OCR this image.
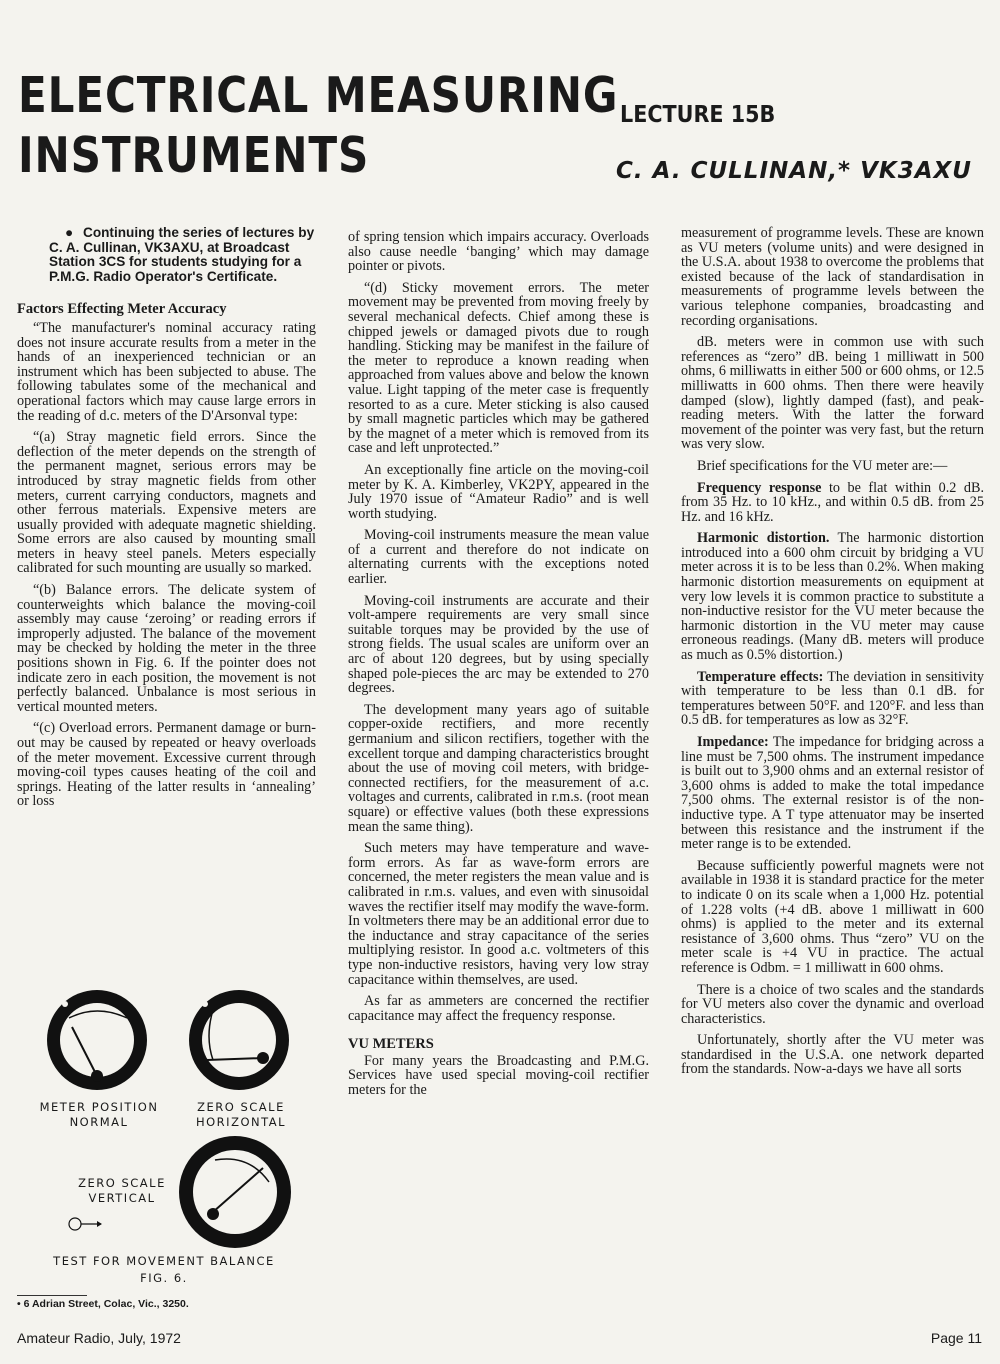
ELECTRICAL MEASURING
INSTRUMENTS
LECTURE 15B
C. A. CULLINAN,* VK3AXU

● Continuing the series of lectures by C. A. Cullinan, VK3AXU, at Broadcast Station 3CS for students studying for a P.M.G. Radio Operator's Certificate.

Factors Effecting Meter Accuracy

“The manufacturer's nominal accuracy rating does not insure accurate results from a meter in the hands of an inexperienced technician or an instrument which has been subjected to abuse. The following tabulates some of the mechanical and operational factors which may cause large errors in the reading of d.c. meters of the D'Arsonval type:

“(a) Stray magnetic field errors. Since the deflection of the meter depends on the strength of the permanent magnet, serious errors may be introduced by stray magnetic fields from other meters, current carrying conductors, magnets and other ferrous materials. Expensive meters are usually provided with adequate magnetic shielding. Some errors are also caused by mounting small meters in heavy steel panels. Meters especially calibrated for such mounting are usually so marked.

“(b) Balance errors. The delicate system of counterweights which balance the moving-coil assembly may cause ‘zeroing’ or reading errors if improperly adjusted. The balance of the movement may be checked by holding the meter in the three positions shown in Fig. 6. If the pointer does not indicate zero in each position, the movement is not perfectly balanced. Unbalance is most serious in vertical mounted meters.

“(c) Overload errors. Permanent damage or burn-out may be caused by repeated or heavy overloads of the meter movement. Excessive current through moving-coil types causes heating of the coil and springs. Heating of the latter results in ‘annealing’ or loss

METER POSITION
NORMAL
ZERO SCALE
HORIZONTAL
ZERO SCALE
VERTICAL
TEST FOR MOVEMENT BALANCE
FIG. 6.
• 6 Adrian Street, Colac, Vic., 3250.

of spring tension which impairs accuracy. Overloads also cause needle ‘banging’ which may damage pointer or pivots.

“(d) Sticky movement errors. The meter movement may be prevented from moving freely by several mechanical defects. Chief among these is chipped jewels or damaged pivots due to rough handling. Sticking may be manifest in the failure of the meter to reproduce a known reading when approached from values above and below the known value. Light tapping of the meter case is frequently resorted to as a cure. Meter sticking is also caused by small magnetic particles which may be gathered by the magnet of a meter which is removed from its case and left unprotected.”

An exceptionally fine article on the moving-coil meter by K. A. Kimberley, VK2PY, appeared in the July 1970 issue of “Amateur Radio” and is well worth studying.

Moving-coil instruments measure the mean value of a current and therefore do not indicate on alternating currents with the exceptions noted earlier.

Moving-coil instruments are accurate and their volt-ampere requirements are very small since suitable torques may be provided by the use of strong fields. The usual scales are uniform over an arc of about 120 degrees, but by using specially shaped pole-pieces the arc may be extended to 270 degrees.

The development many years ago of suitable copper-oxide rectifiers, and more recently germanium and silicon rectifiers, together with the excellent torque and damping characteristics brought about the use of moving coil meters, with bridge-connected rectifiers, for the measurement of a.c. voltages and currents, calibrated in r.m.s. (root mean square) or effective values (both these expressions mean the same thing).

Such meters may have temperature and wave-form errors. As far as wave-form errors are concerned, the meter registers the mean value and is calibrated in r.m.s. values, and even with sinusoidal waves the rectifier itself may modify the wave-form. In voltmeters there may be an additional error due to the inductance and stray capacitance of the series multiplying resistor. In good a.c. voltmeters of this type non-inductive resistors, having very low stray capacitance within themselves, are used.

As far as ammeters are concerned the rectifier capacitance may affect the frequency response.

VU METERS

For many years the Broadcasting and P.M.G. Services have used special moving-coil rectifier meters for the

measurement of programme levels. These are known as VU meters (volume units) and were designed in the U.S.A. about 1938 to overcome the problems that existed because of the lack of standardisation in measurements of programme levels between the various telephone companies, broadcasting and recording organisations.

dB. meters were in common use with such references as “zero” dB. being 1 milliwatt in 500 ohms, 6 milliwatts in either 500 or 600 ohms, or 12.5 milliwatts in 600 ohms. Then there were heavily damped (slow), lightly damped (fast), and peak-reading meters. With the latter the forward movement of the pointer was very fast, but the return was very slow.

Brief specifications for the VU meter are:—

Frequency response to be flat within 0.2 dB. from 35 Hz. to 10 kHz., and within 0.5 dB. from 25 Hz. and 16 kHz.

Harmonic distortion. The harmonic distortion introduced into a 600 ohm circuit by bridging a VU meter across it is to be less than 0.2%. When making harmonic distortion measurements on equipment at very low levels it is common practice to substitute a non-inductive resistor for the VU meter because the harmonic distortion in the VU meter may cause erroneous readings. (Many dB. meters will produce as much as 0.5% distortion.)

Temperature effects: The deviation in sensitivity with temperature to be less than 0.1 dB. for temperatures between 50°F. and 120°F. and less than 0.5 dB. for temperatures as low as 32°F.

Impedance: The impedance for bridging across a line must be 7,500 ohms. The instrument impedance is built out to 3,900 ohms and an external resistor of 3,600 ohms is added to make the total impedance 7,500 ohms. The external resistor is of the non-inductive type. A T type attenuator may be inserted between this resistance and the instrument if the meter range is to be extended.

Because sufficiently powerful magnets were not available in 1938 it is standard practice for the meter to indicate 0 on its scale when a 1,000 Hz. potential of 1.228 volts (+4 dB. above 1 milliwatt in 600 ohms) is applied to the meter and its external resistance of 3,600 ohms. Thus “zero” VU on the meter scale is +4 VU in practice. The actual reference is Odbm. = 1 milliwatt in 600 ohms.

There is a choice of two scales and the standards for VU meters also cover the dynamic and overload characteristics.

Unfortunately, shortly after the VU meter was standardised in the U.S.A. one network departed from the standards. Now-a-days we have all sorts

Amateur Radio, July, 1972	Page 11
